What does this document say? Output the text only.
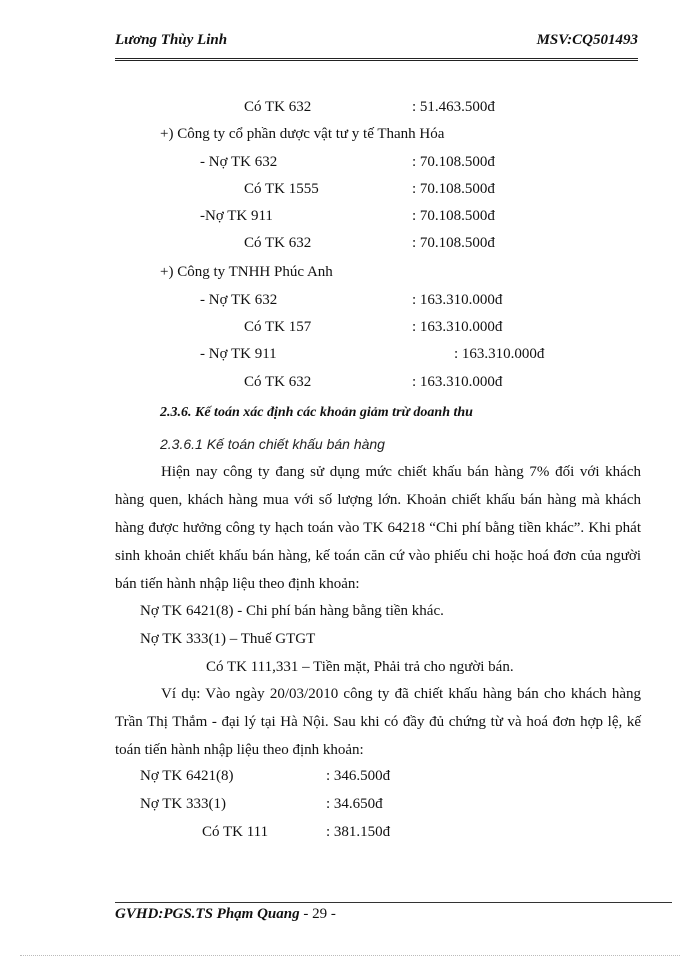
Lương Thùy Linh	MSV:CQ501493
Có TK 632	: 51.463.500đ
+) Công ty cổ phần dược vật tư y tế Thanh Hóa
- Nợ TK 632	: 70.108.500đ
Có TK 1555	: 70.108.500đ
-Nợ TK 911	: 70.108.500đ
Có TK 632	: 70.108.500đ
+) Công ty TNHH Phúc Anh
- Nợ TK 632	: 163.310.000đ
Có TK 157	: 163.310.000đ
- Nợ TK 911	: 163.310.000đ
Có TK 632	: 163.310.000đ
2.3.6. Kế toán xác định các khoản giảm trừ doanh thu
2.3.6.1 Kế toán chiết khấu bán hàng

Hiện nay công ty đang sử dụng mức chiết khấu bán hàng 7% đối với khách hàng quen, khách hàng mua với số lượng lớn. Khoản chiết khấu bán hàng mà khách hàng được hưởng công ty hạch toán vào TK 64218 “Chi phí bằng tiền khác”. Khi phát sinh khoản chiết khấu bán hàng, kế toán căn cứ vào phiếu chi hoặc hoá đơn của người bán tiến hành nhập liệu theo định khoản:

Nợ TK 6421(8) - Chi phí bán hàng bằng tiền khác.
Nợ TK 333(1) – Thuế GTGT
Có TK 111,331 – Tiền mặt, Phải trả cho người bán.

Ví dụ: Vào ngày 20/03/2010 công ty đã chiết khấu hàng bán cho khách hàng Trần Thị Thắm - đại lý tại Hà Nội. Sau khi có đầy đủ chứng từ và hoá đơn hợp lệ, kế toán tiến hành nhập liệu theo định khoản:

Nợ TK 6421(8)	: 346.500đ
Nợ TK 333(1)	: 34.650đ
Có TK 111	: 381.150đ
GVHD:PGS.TS Phạm Quang - 29 -
